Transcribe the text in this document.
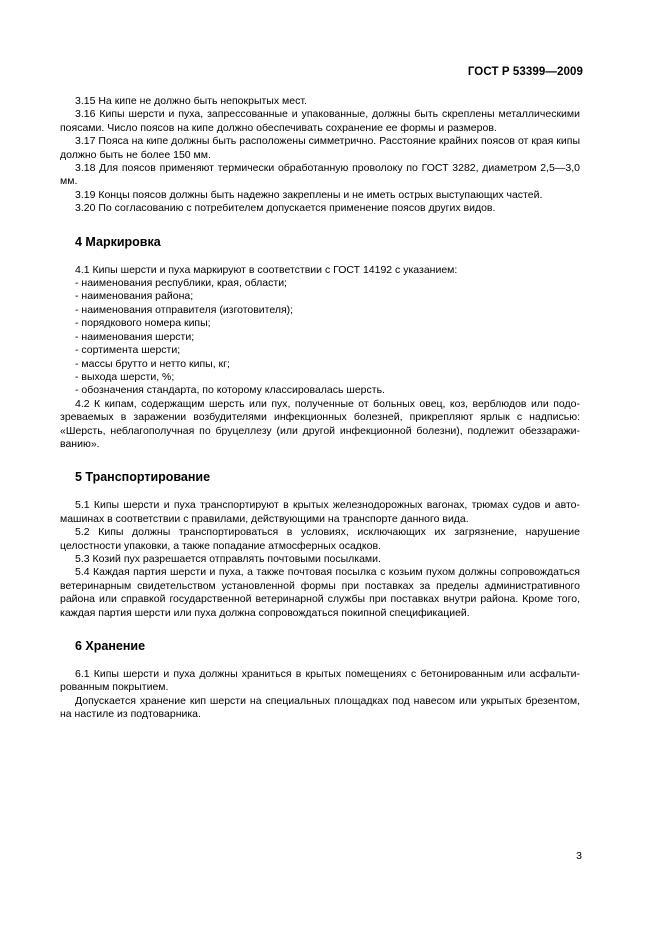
ГОСТ Р 53399—2009

3.15 На кипе не должно быть непокрытых мест.

3.16 Кипы шерсти и пуха, запрессованные и упакованные, должны быть скреплены металлическими поясами. Число поясов на кипе должно обеспечивать сохранение ее формы и размеров.

3.17 Пояса на кипе должны быть расположены симметрично. Расстояние крайних поясов от края кипы должно быть не более 150 мм.

3.18 Для поясов применяют термически обработанную проволоку по ГОСТ 3282, диаметром 2,5—3,0 мм.

3.19 Концы поясов должны быть надежно закреплены и не иметь острых выступающих частей.

3.20 По согласованию с потребителем допускается применение поясов других видов.

4 Маркировка

4.1 Кипы шерсти и пуха маркируют в соответствии с ГОСТ 14192 с указанием:

- наименования республики, края, области;

- наименования района;

- наименования отправителя (изготовителя);

- порядкового номера кипы;

- наименования шерсти;

- сортимента шерсти;

- массы брутто и нетто кипы, кг;

- выхода шерсти, %;

- обозначения стандарта, по которому классировалась шерсть.

4.2 К кипам, содержащим шерсть или пух, полученные от больных овец, коз, верблюдов или подозреваемых в заражении возбудителями инфекционных болезней, прикрепляют ярлык с надписью: «Шерсть, неблагополучная по бруцеллезу (или другой инфекционной болезни), подлежит обеззараживанию».

5 Транспортирование

5.1 Кипы шерсти и пуха транспортируют в крытых железнодорожных вагонах, трюмах судов и автомашинах в соответствии с правилами, действующими на транспорте данного вида.

5.2 Кипы должны транспортироваться в условиях, исключающих их загрязнение, нарушение целостности упаковки, а также попадание атмосферных осадков.

5.3 Козий пух разрешается отправлять почтовыми посылками.

5.4 Каждая партия шерсти и пуха, а также почтовая посылка с козьим пухом должны сопровождаться ветеринарным свидетельством установленной формы при поставках за пределы административного района или справкой государственной ветеринарной службы при поставках внутри района. Кроме того, каждая партия шерсти или пуха должна сопровождаться покипной спецификацией.

6 Хранение

6.1 Кипы шерсти и пуха должны храниться в крытых помещениях с бетонированным или асфальтированным покрытием.

Допускается хранение кип шерсти на специальных площадках под навесом или укрытых брезентом, на настиле из подтоварника.

3
